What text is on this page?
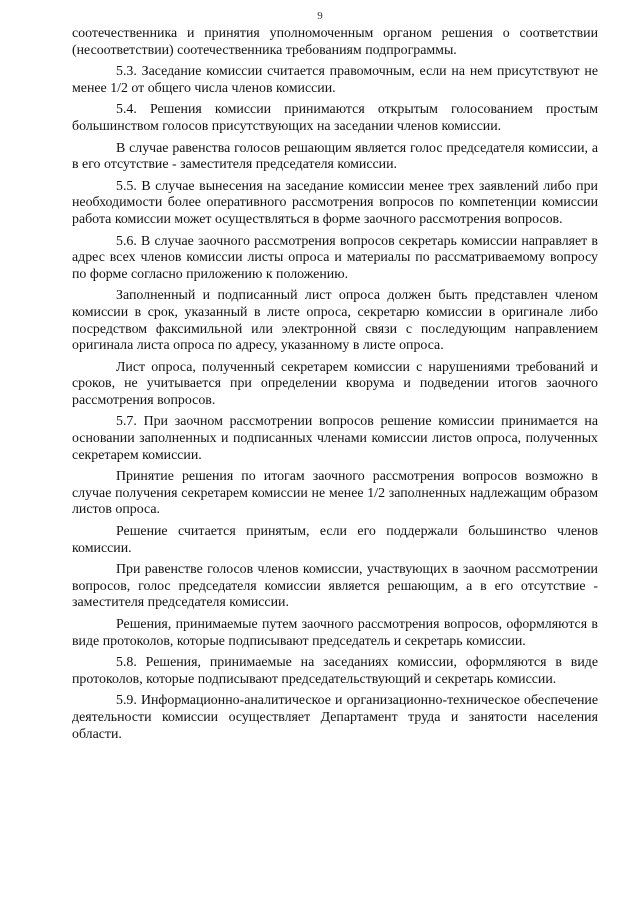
9

соотечественника и принятия уполномоченным органом решения о соответствии (несоответствии) соотечественника требованиям подпрограммы.

5.3. Заседание комиссии считается правомочным, если на нем присутствуют не менее 1/2 от общего числа членов комиссии.

5.4. Решения комиссии принимаются открытым голосованием простым большинством голосов присутствующих на заседании членов комиссии.

В случае равенства голосов решающим является голос председателя комиссии, а в его отсутствие - заместителя председателя комиссии.

5.5. В случае вынесения на заседание комиссии менее трех заявлений либо при необходимости более оперативного рассмотрения вопросов по компетенции комиссии работа комиссии может осуществляться в форме заочного рассмотрения вопросов.

5.6. В случае заочного рассмотрения вопросов секретарь комиссии направляет в адрес всех членов комиссии листы опроса и материалы по рассматриваемому вопросу по форме согласно приложению к положению.

Заполненный и подписанный лист опроса должен быть представлен членом комиссии в срок, указанный в листе опроса, секретарю комиссии в оригинале либо посредством факсимильной или электронной связи с последующим направлением оригинала листа опроса по адресу, указанному в листе опроса.

Лист опроса, полученный секретарем комиссии с нарушениями требований и сроков, не учитывается при определении кворума и подведении итогов заочного рассмотрения вопросов.

5.7. При заочном рассмотрении вопросов решение комиссии принимается на основании заполненных и подписанных членами комиссии листов опроса, полученных секретарем комиссии.

Принятие решения по итогам заочного рассмотрения вопросов возможно в случае получения секретарем комиссии не менее 1/2 заполненных надлежащим образом листов опроса.

Решение считается принятым, если его поддержали большинство членов комиссии.

При равенстве голосов членов комиссии, участвующих в заочном рассмотрении вопросов, голос председателя комиссии является решающим, а в его отсутствие - заместителя председателя комиссии.

Решения, принимаемые путем заочного рассмотрения вопросов, оформляются в виде протоколов, которые подписывают председатель и секретарь комиссии.

5.8. Решения, принимаемые на заседаниях комиссии, оформляются в виде протоколов, которые подписывают председательствующий и секретарь комиссии.

5.9. Информационно-аналитическое и организационно-техническое обеспечение деятельности комиссии осуществляет Департамент труда и занятости населения области.
